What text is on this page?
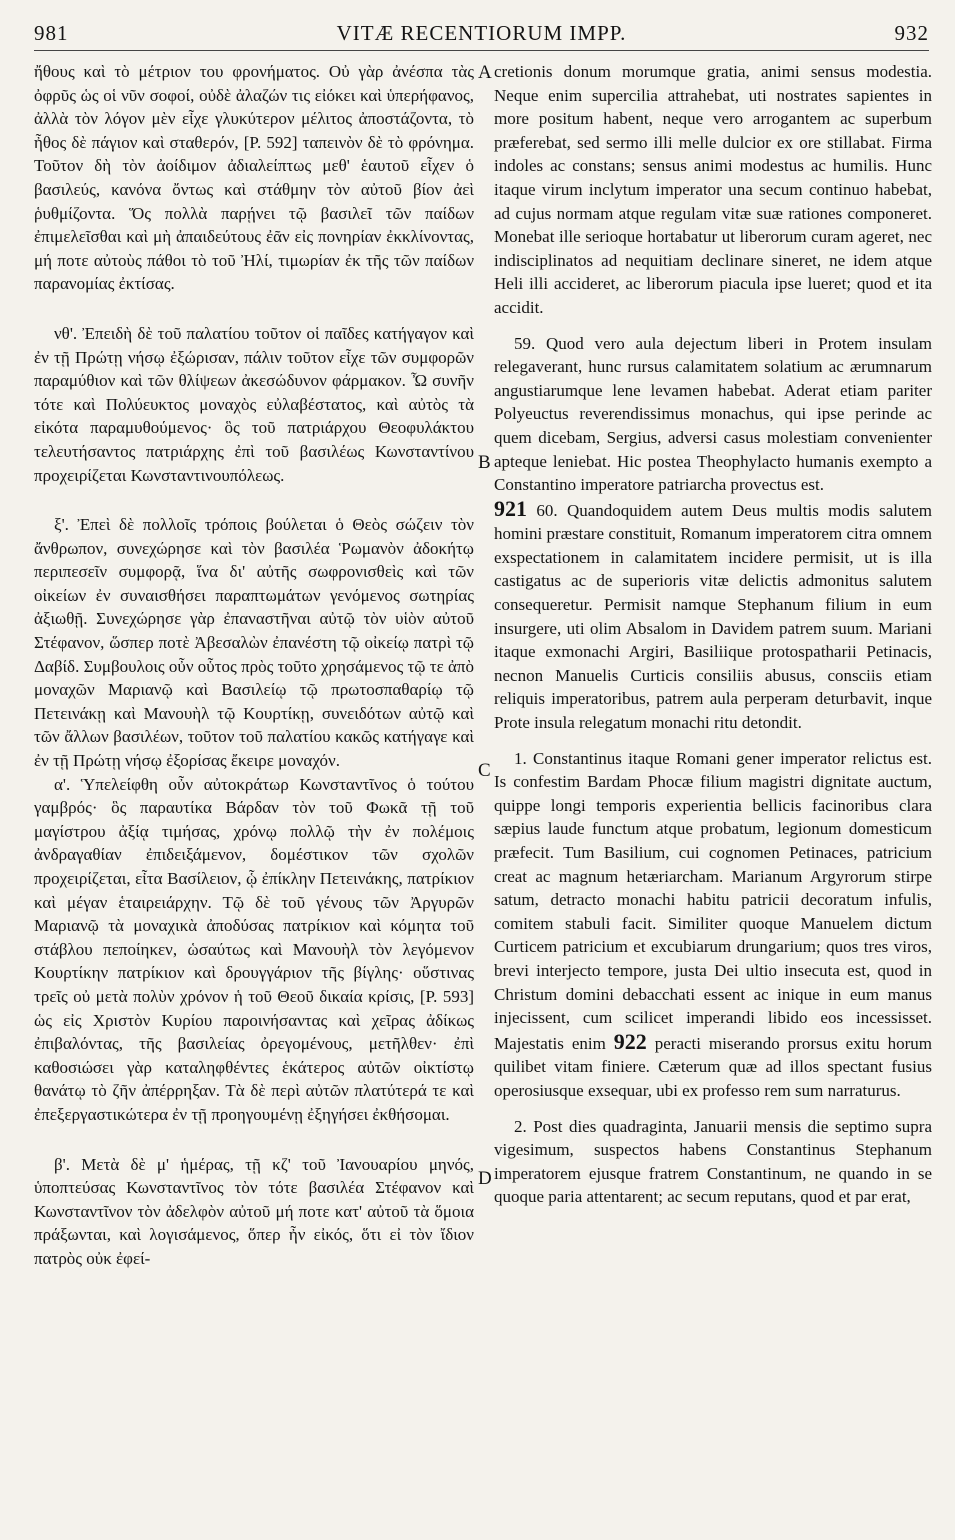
981	VITÆ RECENTIORUM IMPP.	932
A
B
C
D

ἤθους καὶ τὸ μέτριον του φρονήματος. Οὐ γὰρ ἀνέσπα τὰς ὀφρῦς ὡς οἱ νῦν σοφοί, οὐδὲ ἀλαζών τις εἰόκει καὶ ὑπερήφανος, ἀλλὰ τὸν λόγον μὲν εἶχε γλυκύτερον μέλιτος ἀποστάζοντα, τὸ ἦθος δὲ πάγιον καὶ σταθερόν, [P. 592] ταπεινὸν δὲ τὸ φρόνημα. Τοῦτον δὴ τὸν ἀοίδιμον ἀδιαλείπτως μεθ' ἑαυτοῦ εἶχεν ὁ βασιλεύς, κανόνα ὄντως καὶ στάθμην τὸν αὐτοῦ βίον ἀεὶ ῥυθμίζοντα. Ὅς πολλὰ παρῄνει τῷ βασιλεῖ τῶν παίδων ἐπιμελεῖσθαι καὶ μὴ ἀπαιδεύτους ἐᾶν εἰς πονηρίαν ἐκκλίνοντας, μή ποτε αὐτοὺς πάθοι τὸ τοῦ Ἠλί, τιμωρίαν ἐκ τῆς τῶν παίδων παρανομίας ἐκτίσας.

νθ'. Ἐπειδὴ δὲ τοῦ παλατίου τοῦτον οἱ παῖδες κατήγαγον καὶ ἐν τῇ Πρώτῃ νήσῳ ἐξώρισαν, πάλιν τοῦτον εἶχε τῶν συμφορῶν παραμύθιον καὶ τῶν θλίψεων ἀκεσώδυνον φάρμακον. Ὦ συνῆν τότε καὶ Πολύευκτος μοναχὸς εὐλαβέστατος, καὶ αὐτὸς τὰ εἰκότα παραμυθούμενος· ὃς τοῦ πατριάρχου Θεοφυλάκτου τελευτήσαντος πατριάρχης ἐπὶ τοῦ βασιλέως Κωνσταντίνου προχειρίζεται Κωνσταντινουπόλεως.

ξ'. Ἐπεὶ δὲ πολλοῖς τρόποις βούλεται ὁ Θεὸς σώζειν τὸν ἄνθρωπον, συνεχώρησε καὶ τὸν βασιλέα Ῥωμανὸν ἀδοκήτῳ περιπεσεῖν συμφορᾷ, ἵνα δι' αὐτῆς σωφρονισθεὶς καὶ τῶν οἰκείων ἐν συναισθήσει παραπτωμάτων γενόμενος σωτηρίας ἀξιωθῇ. Συνεχώρησε γὰρ ἐπαναστῆναι αὐτῷ τὸν υἱὸν αὐτοῦ Στέφανον, ὥσπερ ποτὲ Ἀβεσαλὼν ἐπανέστη τῷ οἰκείῳ πατρὶ τῷ Δαβίδ. Συμβουλοις οὖν οὗτος πρὸς τοῦτο χρησάμενος τῷ τε ἀπὸ μοναχῶν Μαριανῷ καὶ Βασιλείῳ τῷ πρωτοσπαθαρίῳ τῷ Πετεινάκῃ καὶ Μανουὴλ τῷ Κουρτίκῃ, συνειδότων αὐτῷ καὶ τῶν ἄλλων βασιλέων, τοῦτον τοῦ παλατίου κακῶς κατήγαγε καὶ ἐν τῇ Πρώτῃ νήσῳ ἐξορίσας ἔκειρε μοναχόν.

α'. Ὑπελείφθη οὖν αὐτοκράτωρ Κωνσταντῖνος ὁ τούτου γαμβρός· ὃς παραυτίκα Βάρδαν τὸν τοῦ Φωκᾶ τῇ τοῦ μαγίστρου ἀξίᾳ τιμήσας, χρόνῳ πολλῷ τὴν ἐν πολέμοις ἀνδραγαθίαν ἐπιδειξάμενον, δομέστικον τῶν σχολῶν προχειρίζεται, εἶτα Βασίλειον, ᾧ ἐπίκλην Πετεινάκης, πατρίκιον καὶ μέγαν ἑταιρειάρχην. Τῷ δὲ τοῦ γένους τῶν Ἀργυρῶν Μαριανῷ τὰ μοναχικὰ ἀποδύσας πατρίκιον καὶ κόμητα τοῦ στάβλου πεποίηκεν, ὡσαύτως καὶ Μανουὴλ τὸν λεγόμενον Κουρτίκην πατρίκιον καὶ δρουγγάριον τῆς βίγλης· οὕστινας τρεῖς οὐ μετὰ πολὺν χρόνον ἡ τοῦ Θεοῦ δικαία κρίσις, [P. 593] ὡς εἰς Χριστὸν Κυρίου παροινήσαντας καὶ χεῖρας ἀδίκως ἐπιβαλόντας, τῆς βασιλείας ὀρεγομένους, μετῆλθεν· ἐπὶ καθοσιώσει γὰρ καταληφθέντες ἑκάτερος αὐτῶν οἰκτίστῳ θανάτῳ τὸ ζῆν ἀπέρρηξαν. Τὰ δὲ περὶ αὐτῶν πλατύτερά τε καὶ ἐπεξεργαστικώτερα ἐν τῇ προηγουμένῃ ἐξηγήσει ἐκθήσομαι.

β'. Μετὰ δὲ μ' ἡμέρας, τῇ κζ' τοῦ Ἰανουαρίου μηνός, ὑποπτεύσας Κωνσταντῖνος τὸν τότε βασιλέα Στέφανον καὶ Κωνσταντῖνον τὸν ἀδελφὸν αὐτοῦ μή ποτε κατ' αὐτοῦ τὰ ὅμοια πράξωνται, καὶ λογισάμενος, ὅπερ ἦν εἰκός, ὅτι εἰ τὸν ἴδιον πατρὸς οὐκ ἐφεί-

cretionis donum morumque gratia, animi sensus modestia. Neque enim supercilia attrahebat, uti nostrates sapientes in more positum habent, neque vero arrogantem ac superbum præferebat, sed sermo illi melle dulcior ex ore stillabat. Firma indoles ac constans; sensus animi modestus ac humilis. Hunc itaque virum inclytum imperator una secum continuo habebat, ad cujus normam atque regulam vitæ suæ rationes componeret. Monebat ille serioque hortabatur ut liberorum curam ageret, nec indisciplinatos ad nequitiam declinare sineret, ne idem atque Heli illi accideret, ac liberorum piacula ipse lueret; quod et ita accidit.

59. Quod vero aula dejectum liberi in Protem insulam relegaverant, hunc rursus calamitatem solatium ac ærumnarum angustiarumque lene levamen habebat. Aderat etiam pariter Polyeuctus reverendissimus monachus, qui ipse perinde ac quem dicebam, Sergius, adversi casus molestiam convenienter apteque leniebat. Hic postea Theophylacto humanis exempto a Constantino imperatore patriarcha provectus est.

921 60. Quandoquidem autem Deus multis modis salutem homini præstare constituit, Romanum imperatorem citra omnem exspectationem in calamitatem incidere permisit, ut is illa castigatus ac de superioris vitæ delictis admonitus salutem consequeretur. Permisit namque Stephanum filium in eum insurgere, uti olim Absalom in Davidem patrem suum. Mariani itaque exmonachi Argiri, Basiliique protospatharii Petinacis, necnon Manuelis Curticis consiliis abusus, consciis etiam reliquis imperatoribus, patrem aula perperam deturbavit, inque Prote insula relegatum monachi ritu detondit.

1. Constantinus itaque Romani gener imperator relictus est. Is confestim Bardam Phocæ filium magistri dignitate auctum, quippe longi temporis experientia bellicis facinoribus clara sæpius laude functum atque probatum, legionum domesticum præfecit. Tum Basilium, cui cognomen Petinaces, patricium creat ac magnum hetæriarcham. Marianum Argyrorum stirpe satum, detracto monachi habitu patricii decoratum infulis, comitem stabuli facit. Similiter quoque Manuelem dictum Curticem patricium et excubiarum drungarium; quos tres viros, brevi interjecto tempore, justa Dei ultio insecuta est, quod in Christum domini debacchati essent ac inique in eum manus injecissent, cum scilicet imperandi libido eos incessisset. Majestatis enim 922 peracti miserando prorsus exitu horum quilibet vitam finiere. Cæterum quæ ad illos spectant fusius operosiusque exsequar, ubi ex professo rem sum narraturus.

2. Post dies quadraginta, Januarii mensis die septimo supra vigesimum, suspectos habens Constantinus Stephanum imperatorem ejusque fratrem Constantinum, ne quando in se quoque paria attentarent; ac secum reputans, quod et par erat,
